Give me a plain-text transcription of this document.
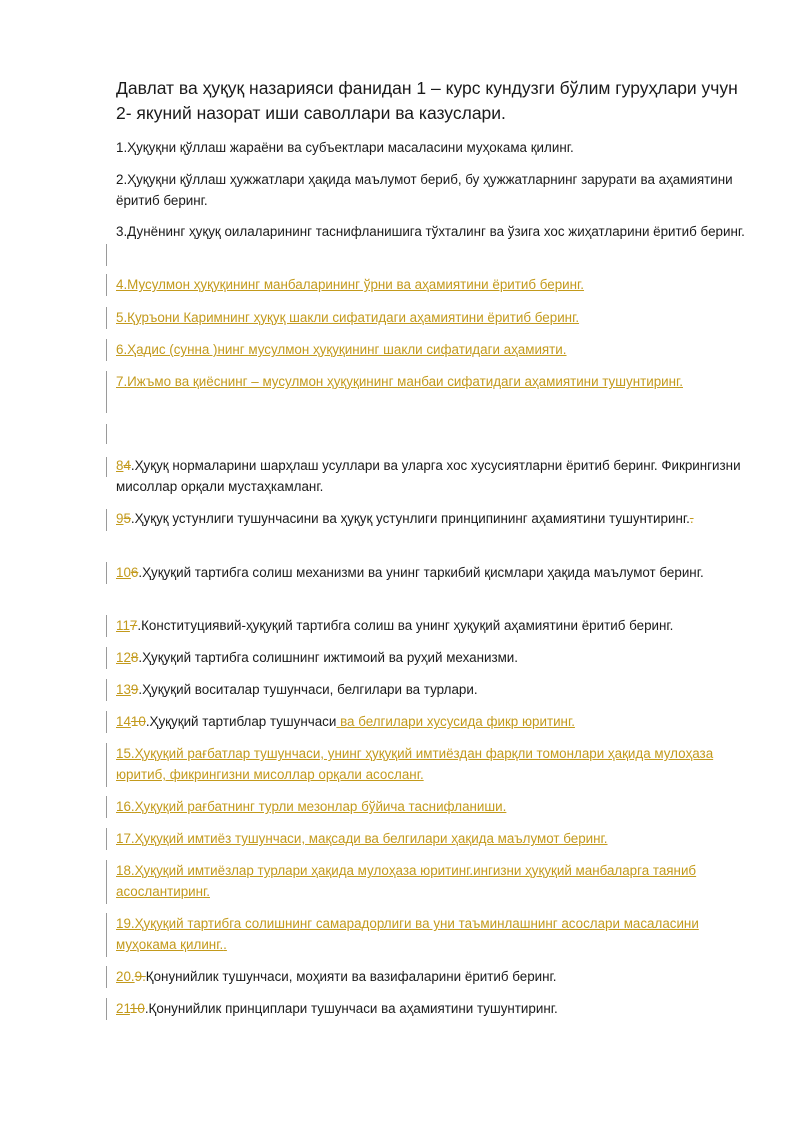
Давлат ва ҳуқуқ назарияси фанидан 1 – курс кундузги бўлим гуруҳлари учун 2- якуний назорат иши саволлари ва казуслари.
1.Ҳуқуқни қўллаш жараёни ва субъектлари масаласини муҳокама қилинг.
2.Ҳуқуқни қўллаш ҳужжатлари ҳақида маълумот бериб, бу ҳужжатларнинг зарурати ва аҳамиятини ёритиб беринг.
3.Дунёнинг ҳуқуқ оилаларининг таснифланишига тўхталинг ва ўзига хос жиҳатларини ёритиб беринг.
4.Мусулмон ҳуқуқининг манбаларининг ўрни ва аҳамиятини ёритиб беринг.
5.Қуръони Каримнинг ҳуқуқ шакли сифатидаги аҳамиятини ёритиб беринг.
6.Ҳадис (сунна )нинг мусулмон ҳуқуқининг шакли сифатидаги аҳамияти.
7.Ижъмо ва қиёснинг – мусулмон ҳуқуқининг манбаи сифатидаги аҳамиятини тушунтиринг.
84.Ҳуқуқ нормаларини шарҳлаш усуллари ва уларга хос хусусиятларни ёритиб беринг. Фикрингизни мисоллар орқали мустаҳкамланг.
95.Ҳуқуқ устунлиги тушунчасини ва ҳуқуқ устунлиги принципининг аҳамиятини тушунтиринг..
106.Ҳуқуқий тартибга солиш механизми ва унинг таркибий қисмлари ҳақида маълумот беринг.
117.Конституциявий-ҳуқуқий тартибга солиш ва унинг ҳуқуқий аҳамиятини ёритиб беринг.
128.Ҳуқуқий тартибга солишнинг ижтимоий ва руҳий механизми.
139.Ҳуқуқий воситалар тушунчаси, белгилари ва турлари.
1410.Ҳуқуқий тартиблар тушунчаси ва белгилари хусусида фикр юритинг.
15.Ҳуқуқий рағбатлар тушунчаси, унинг ҳуқуқий имтиёздан фарқли томонлари ҳақида мулоҳаза юритиб, фикрингизни мисоллар орқали асосланг.
16.Ҳуқуқий рағбатнинг турли мезонлар бўйича таснифланиши.
17.Ҳуқуқий имтиёз тушунчаси, мақсади ва белгилари ҳақида маълумот беринг.
18.Ҳуқуқий имтиёзлар турлари ҳақида мулоҳаза юритинг.ингизни ҳуқуқий манбаларга таяниб асослантиринг.
19.Ҳуқуқий тартибга солишнинг самарадорлиги ва уни таъминлашнинг асослари масаласини муҳокама қилинг..
20.9.Қонунийлик тушунчаси, моҳияти ва вазифаларини ёритиб беринг.
2110.Қонунийлик принциплари тушунчаси ва аҳамиятини тушунтиринг.
